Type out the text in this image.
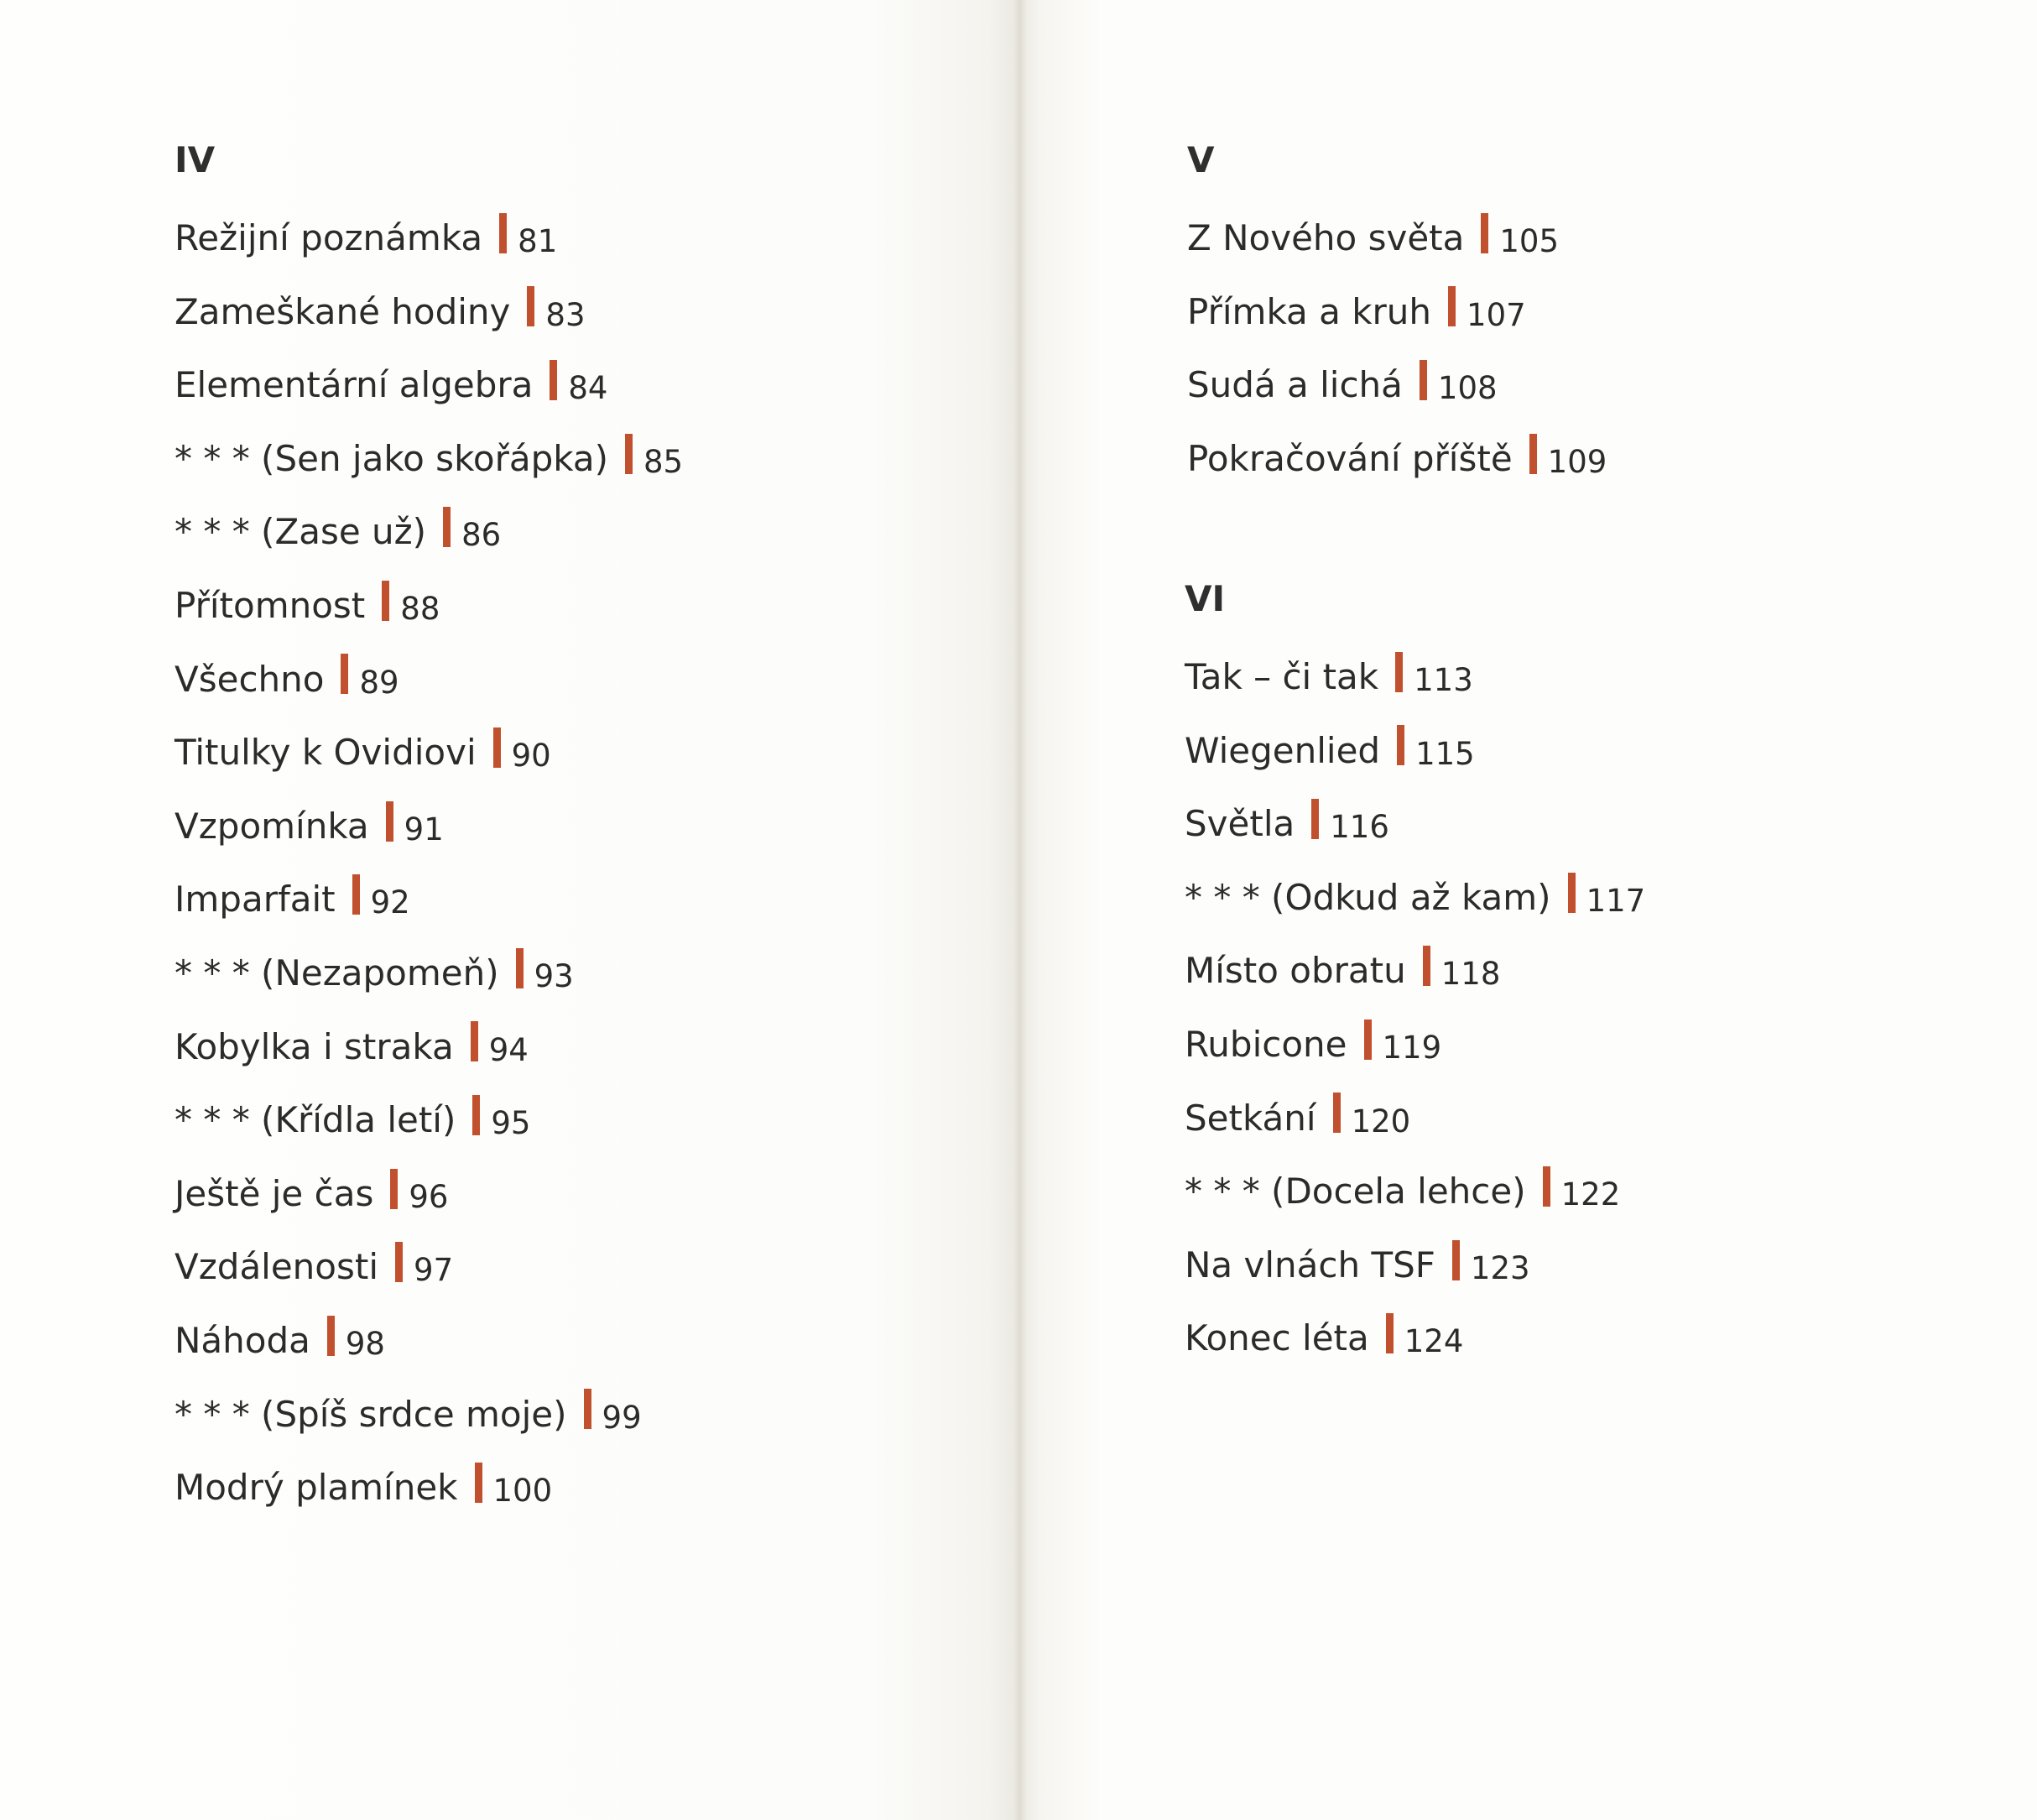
IV
Režijní poznámka 81
Zameškané hodiny 83
Elementární algebra 84
* * * (Sen jako skořápka) 85
* * * (Zase už) 86
Přítomnost 88
Všechno 89
Titulky k Ovidiovi 90
Vzpomínka 91
Imparfait 92
* * * (Nezapomeň) 93
Kobylka i straka 94
* * * (Křídla letí) 95
Ještě je čas 96
Vzdálenosti 97
Náhoda 98
* * * (Spíš srdce moje) 99
Modrý plamínek 100
V
Z Nového světa 105
Přímka a kruh 107
Sudá a lichá 108
Pokračování příště 109
VI
Tak – či tak 113
Wiegenlied 115
Světla 116
* * * (Odkud až kam) 117
Místo obratu 118
Rubicone 119
Setkání 120
* * * (Docela lehce) 122
Na vlnách TSF 123
Konec léta 124
